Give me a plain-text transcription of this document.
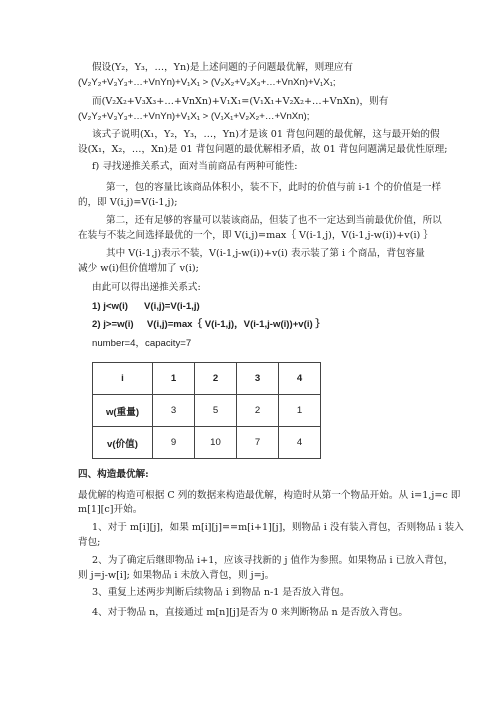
假设(Y₂，Y₃，…，Yn)是上述问题的子问题最优解，则理应有
(V₂Y₂+V₃Y₃+…+VnYn)+V₁X₁ > (V₂X₂+V₃X₃+…+VnXn)+V₁X₁;
而(V₂X₂+V₃X₃+…+VnXn)+V₁X₁=(V₁X₁+V₂X₂+…+VnXn)，则有
(V₂Y₂+V₃Y₃+…+VnYn)+V₁X₁ > (V₁X₁+V₂X₂+…+VnXn);
该式子说明(X₁，Y₂，Y₃，…，Yn)才是该 01 背包问题的最优解，这与最开始的假
设(X₁，X₂，…，Xn)是 01 背包问题的最优解相矛盾，故 01 背包问题满足最优性原理;
f) 寻找递推关系式，面对当前商品有两种可能性:
第一，包的容量比该商品体积小，装不下，此时的价值与前 i-1 个的价值是一样
的，即 V(i,j)=V(i-1,j);
第二，还有足够的容量可以装该商品，但装了也不一定达到当前最优价值，所以
在装与不装之间选择最优的一个，即 V(i,j)=max｛ V(i-1,j)，V(i-1,j-w(i))+v(i) ｝
其中 V(i-1,j)表示不装，V(i-1,j-w(i))+v(i) 表示装了第 i 个商品，背包容量
减少 w(i)但价值增加了 v(i);
由此可以得出递推关系式:
1) j<w(i)      V(i,j)=V(i-1,j)
2) j>=w(i)     V(i,j)=max｛ V(i-1,j)，V(i-1,j-w(i))+v(i) ｝
number=4，capacity=7
i	1	2	3	4
w(重量)	3	5	2	1
v(价值)	9	10	7	4
四、构造最优解:
最优解的构造可根据 C 列的数据来构造最优解，构造时从第一个物品开始。从 i=1,j=c 即
m[1][c]开始。
1、对于 m[i][j]，如果 m[i][j]==m[i+1][j]，则物品 i 没有装入背包，否则物品 i 装入
背包;
2、为了确定后继即物品 i+1，应该寻找新的 j 值作为参照。如果物品 i 已放入背包，
则 j=j-w[i]; 如果物品 i 未放入背包，则 j=j。
3、重复上述两步判断后续物品 i 到物品 n-1 是否放入背包。
4、对于物品 n，直接通过 m[n][j]是否为 0 来判断物品 n 是否放入背包。
